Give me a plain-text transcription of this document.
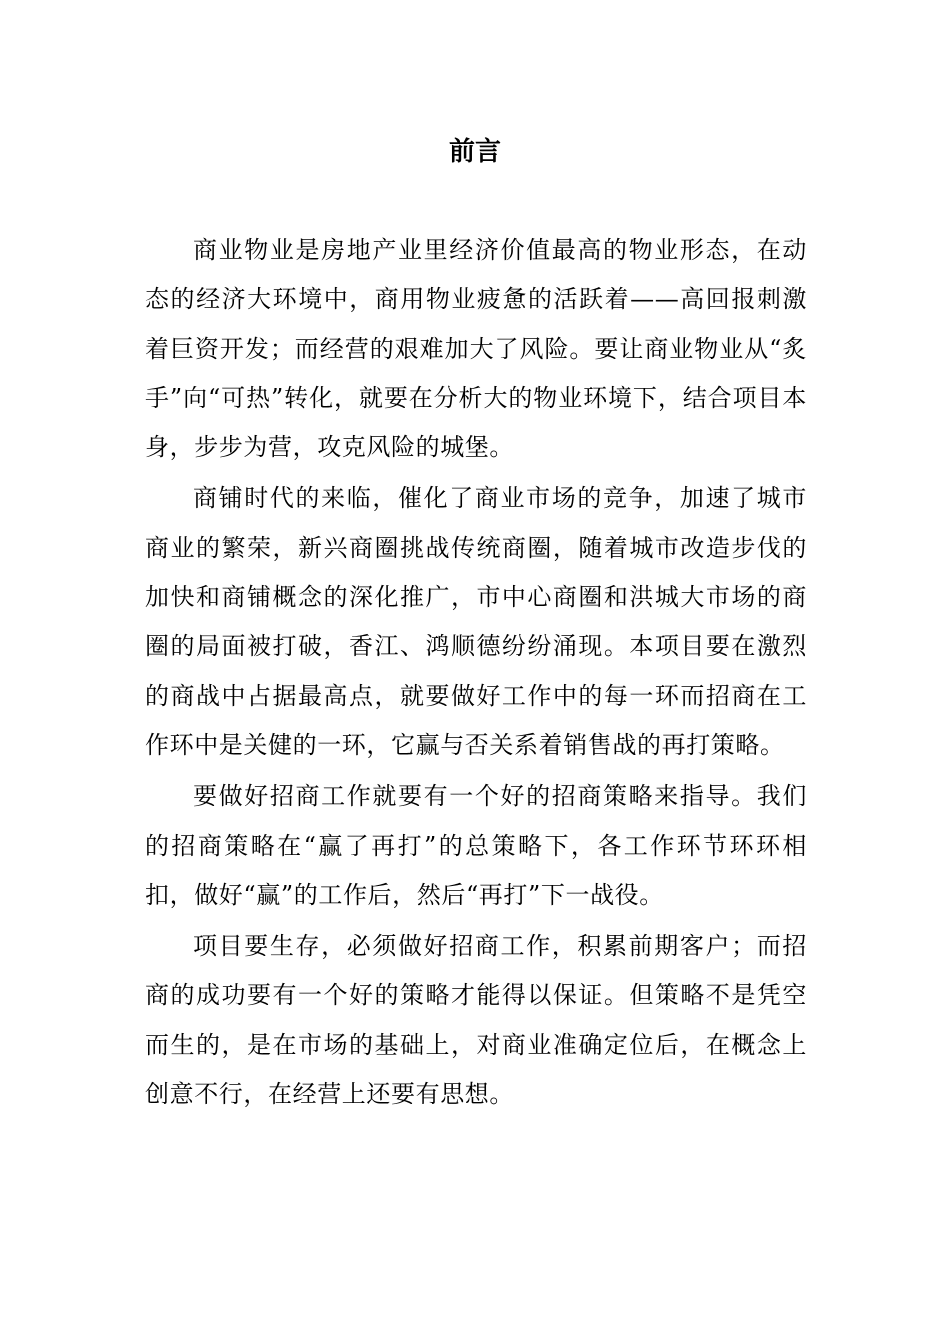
前言

商业物业是房地产业里经济价值最高的物业形态，在动态的经济大环境中，商用物业疲惫的活跃着——高回报刺激着巨资开发；而经营的艰难加大了风险。要让商业物业从“炙手”向“可热”转化，就要在分析大的物业环境下，结合项目本身，步步为营，攻克风险的城堡。

商铺时代的来临，催化了商业市场的竞争，加速了城市商业的繁荣，新兴商圈挑战传统商圈，随着城市改造步伐的加快和商铺概念的深化推广，市中心商圈和洪城大市场的商圈的局面被打破，香江、鸿顺德纷纷涌现。本项目要在激烈的商战中占据最高点，就要做好工作中的每一环而招商在工作环中是关健的一环，它赢与否关系着销售战的再打策略。

要做好招商工作就要有一个好的招商策略来指导。我们的招商策略在“赢了再打”的总策略下，各工作环节环环相扣，做好“赢”的工作后，然后“再打”下一战役。

项目要生存，必须做好招商工作，积累前期客户；而招商的成功要有一个好的策略才能得以保证。但策略不是凭空而生的，是在市场的基础上，对商业准确定位后，在概念上创意不行，在经营上还要有思想。
